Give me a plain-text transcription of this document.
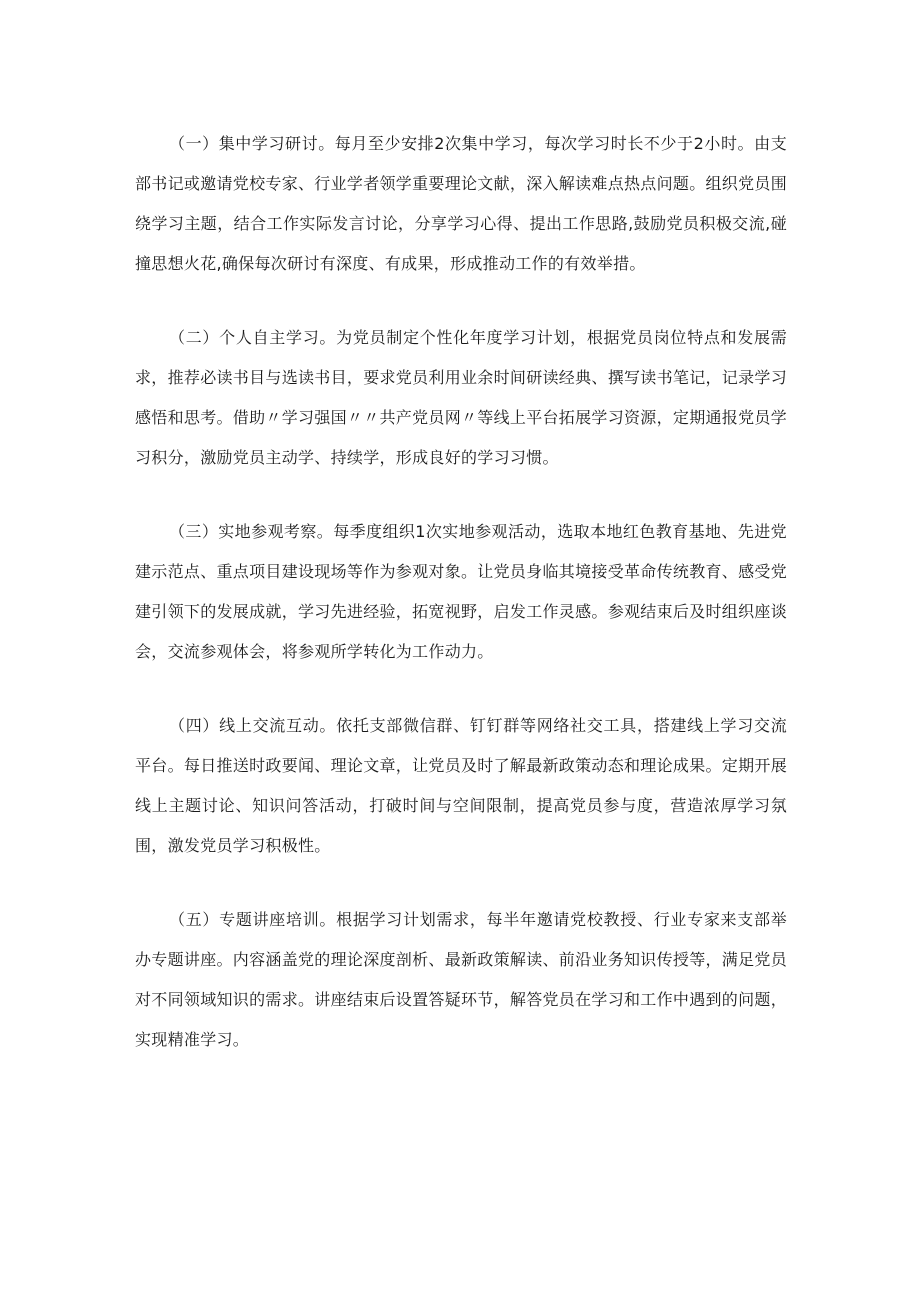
（一）集中学习研讨。每月至少安排2次集中学习，每次学习时长不少于2小时。由支部书记或邀请党校专家、行业学者领学重要理论文献，深入解读难点热点问题。组织党员围绕学习主题，结合工作实际发言讨论，分享学习心得、提出工作思路,鼓励党员积极交流,碰撞思想火花,确保每次研讨有深度、有成果，形成推动工作的有效举措。

（二）个人自主学习。为党员制定个性化年度学习计划，根据党员岗位特点和发展需求，推荐必读书目与选读书目，要求党员利用业余时间研读经典、撰写读书笔记，记录学习感悟和思考。借助〃学习强国〃〃共产党员网〃等线上平台拓展学习资源，定期通报党员学习积分，激励党员主动学、持续学，形成良好的学习习惯。

（三）实地参观考察。每季度组织1次实地参观活动，选取本地红色教育基地、先进党建示范点、重点项目建设现场等作为参观对象。让党员身临其境接受革命传统教育、感受党建引领下的发展成就，学习先进经验，拓宽视野，启发工作灵感。参观结束后及时组织座谈会，交流参观体会，将参观所学转化为工作动力。

（四）线上交流互动。依托支部微信群、钉钉群等网络社交工具，搭建线上学习交流平台。每日推送时政要闻、理论文章，让党员及时了解最新政策动态和理论成果。定期开展线上主题讨论、知识问答活动，打破时间与空间限制，提高党员参与度，营造浓厚学习氛围，激发党员学习积极性。

（五）专题讲座培训。根据学习计划需求，每半年邀请党校教授、行业专家来支部举办专题讲座。内容涵盖党的理论深度剖析、最新政策解读、前沿业务知识传授等，满足党员对不同领域知识的需求。讲座结束后设置答疑环节，解答党员在学习和工作中遇到的问题，实现精准学习。
